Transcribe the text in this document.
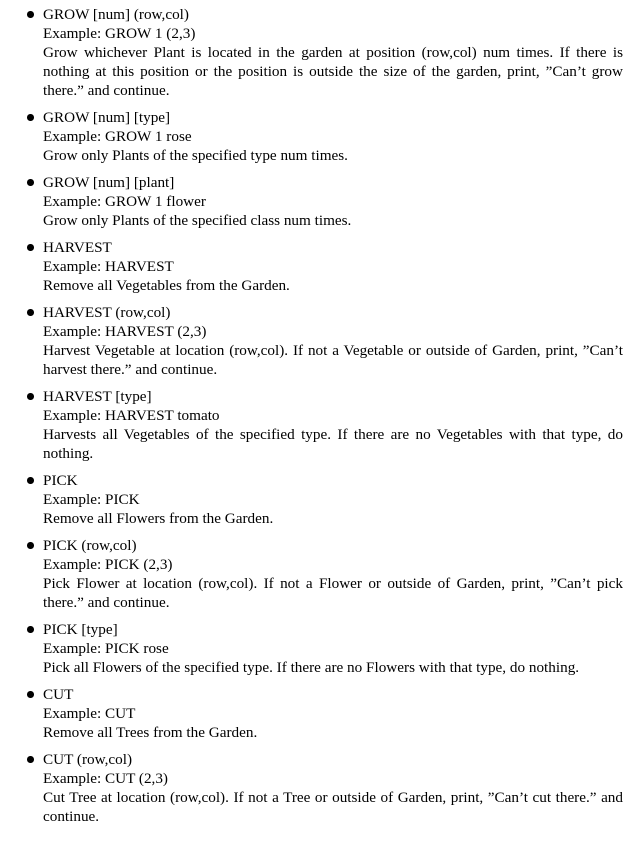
GROW [num] (row,col)
Example: GROW 1 (2,3)
Grow whichever Plant is located in the garden at position (row,col) num times. If there is nothing at this position or the position is outside the size of the garden, print, ”Can’t grow there.” and continue.
GROW [num] [type]
Example: GROW 1 rose
Grow only Plants of the specified type num times.
GROW [num] [plant]
Example: GROW 1 flower
Grow only Plants of the specified class num times.
HARVEST
Example: HARVEST
Remove all Vegetables from the Garden.
HARVEST (row,col)
Example: HARVEST (2,3)
Harvest Vegetable at location (row,col). If not a Vegetable or outside of Garden, print, ”Can’t harvest there.” and continue.
HARVEST [type]
Example: HARVEST tomato
Harvests all Vegetables of the specified type. If there are no Vegetables with that type, do nothing.
PICK
Example: PICK
Remove all Flowers from the Garden.
PICK (row,col)
Example: PICK (2,3)
Pick Flower at location (row,col). If not a Flower or outside of Garden, print, ”Can’t pick there.” and continue.
PICK [type]
Example: PICK rose
Pick all Flowers of the specified type. If there are no Flowers with that type, do nothing.
CUT
Example: CUT
Remove all Trees from the Garden.
CUT (row,col)
Example: CUT (2,3)
Cut Tree at location (row,col). If not a Tree or outside of Garden, print, ”Can’t cut there.” and continue.
